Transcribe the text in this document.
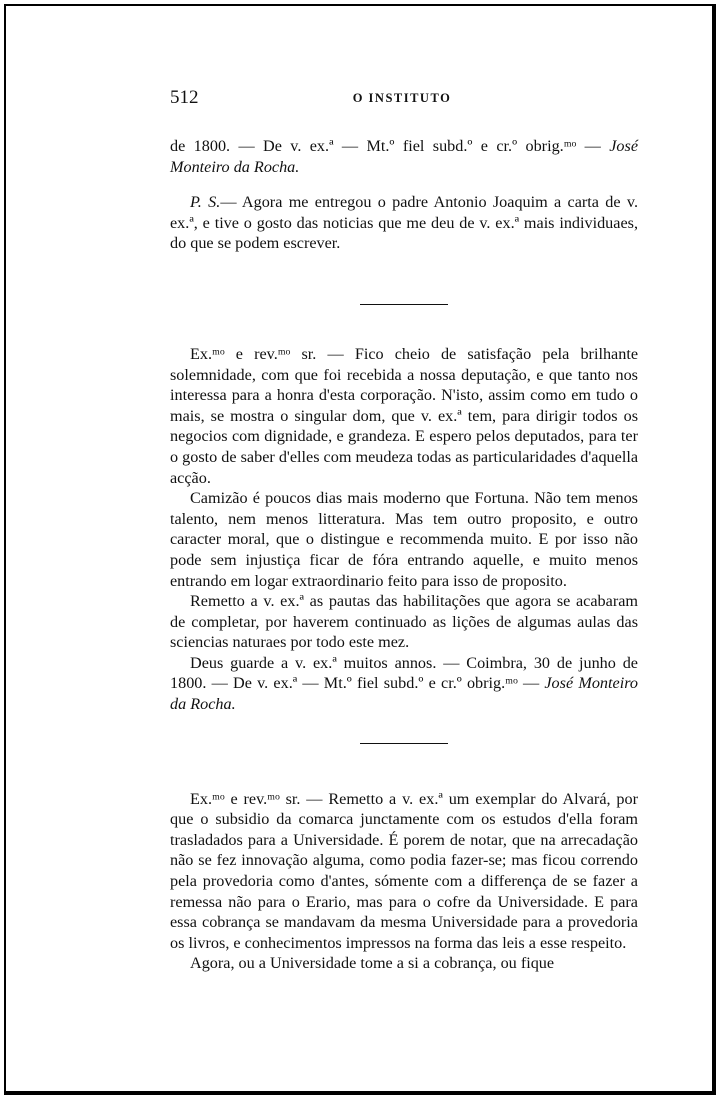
512	O INSTITUTO

de 1800. — De v. ex.ª — Mt.º fiel subd.º e cr.º obrig.ᵐᵒ — José Monteiro da Rocha.

P. S.— Agora me entregou o padre Antonio Joaquim a carta de v. ex.ª, e tive o gosto das noticias que me deu de v. ex.ª mais individuaes, do que se podem escrever.

Ex.ᵐᵒ e rev.ᵐᵒ sr. — Fico cheio de satisfação pela brilhante solemnidade, com que foi recebida a nossa deputação, e que tanto nos interessa para a honra d'esta corporação. N'isto, assim como em tudo o mais, se mostra o singular dom, que v. ex.ª tem, para dirigir todos os negocios com dignidade, e grandeza. E espero pelos deputados, para ter o gosto de saber d'elles com meudeza todas as particularidades d'aquella acção.

Camizão é poucos dias mais moderno que Fortuna. Não tem menos talento, nem menos litteratura. Mas tem outro proposito, e outro caracter moral, que o distingue e recommenda muito. E por isso não pode sem injustiça ficar de fóra entrando aquelle, e muito menos entrando em logar extraordinario feito para isso de proposito.

Remetto a v. ex.ª as pautas das habilitações que agora se acabaram de completar, por haverem continuado as lições de algumas aulas das sciencias naturaes por todo este mez.

Deus guarde a v. ex.ª muitos annos. — Coimbra, 30 de junho de 1800. — De v. ex.ª — Mt.º fiel subd.º e cr.º obrig.ᵐᵒ — José Monteiro da Rocha.

Ex.ᵐᵒ e rev.ᵐᵒ sr. — Remetto a v. ex.ª um exemplar do Alvará, por que o subsidio da comarca junctamente com os estudos d'ella foram trasladados para a Universidade. É porem de notar, que na arrecadação não se fez innovação alguma, como podia fazer-se; mas ficou correndo pela provedoria como d'antes, sómente com a differença de se fazer a remessa não para o Erario, mas para o cofre da Universidade. E para essa cobrança se mandavam da mesma Universidade para a provedoria os livros, e conhecimentos impressos na forma das leis a esse respeito.

Agora, ou a Universidade tome a si a cobrança, ou fique
